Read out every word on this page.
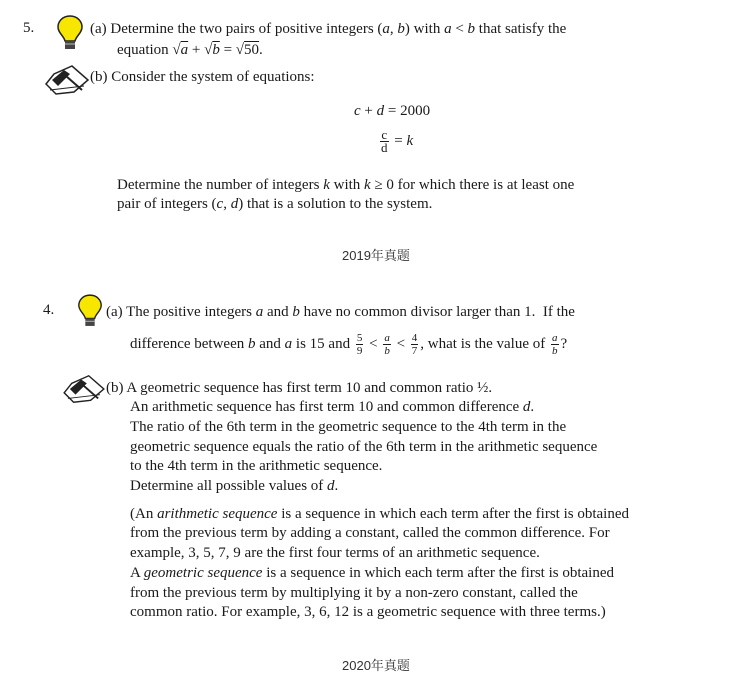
5.	(a) Determine the two pairs of positive integers (a, b) with a < b that satisfy the
equation √a + √b = √50.
(b) Consider the system of equations:
c + d = 2000
$\frac{c}{d} = k$
Determine the number of integers k with k ≥ 0 for which there is at least one
pair of integers (c, d) that is a solution to the system.
2019年真题
4.	(a) The positive integers a and b have no common divisor larger than 1.  If the
difference between b and a is 15 and $\frac{5}{9} < \frac{a}{b} < \frac{4}{7}$ , what is the value of $\frac{a}{b}$ ?
(b) A geometric sequence has first term 10 and common ratio ½.
An arithmetic sequence has first term 10 and common difference d.
The ratio of the 6th term in the geometric sequence to the 4th term in the
geometric sequence equals the ratio of the 6th term in the arithmetic sequence
to the 4th term in the arithmetic sequence.
Determine all possible values of d.
(An arithmetic sequence is a sequence in which each term after the first is obtained
from the previous term by adding a constant, called the common difference. For
example, 3, 5, 7, 9 are the first four terms of an arithmetic sequence.
A geometric sequence is a sequence in which each term after the first is obtained
from the previous term by multiplying it by a non-zero constant, called the
common ratio. For example, 3, 6, 12 is a geometric sequence with three terms.)
2020年真题
